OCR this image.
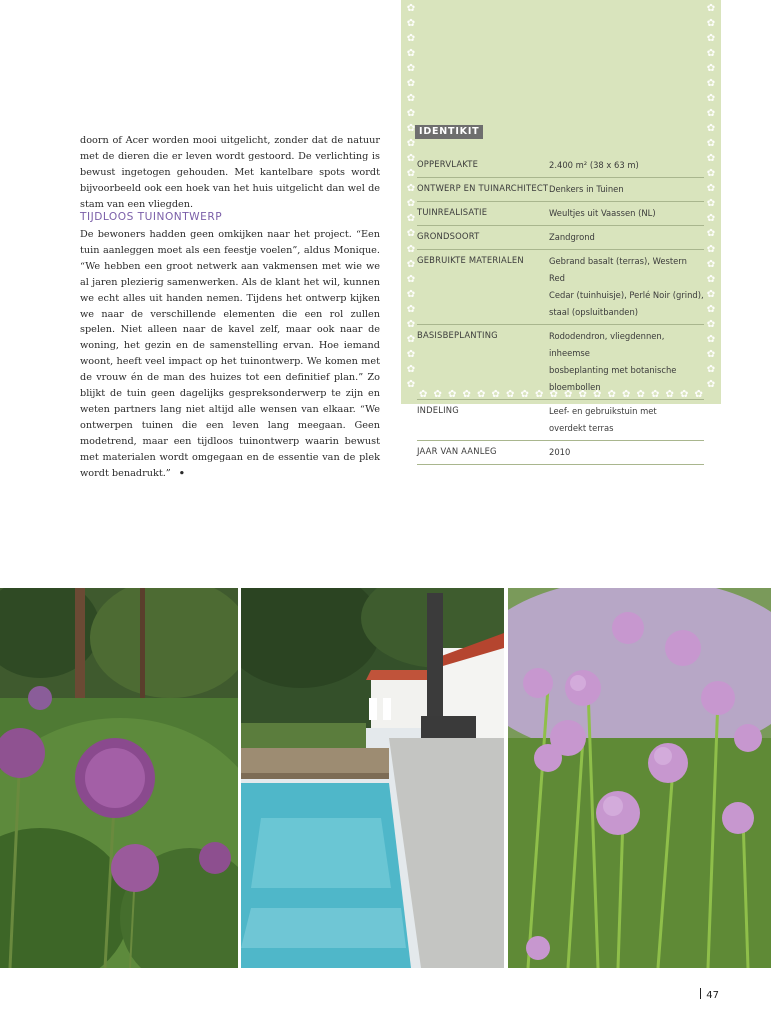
✿
✿
✿
✿
✿
✿
✿
✿
✿
✿
✿
✿
✿
✿
✿
✿
✿
✿
✿
✿
✿
✿
✿
✿
✿
✿
✿
✿
✿
✿
✿
✿
✿
✿
✿
✿
✿
✿
✿
✿
✿
✿
✿
✿
✿
✿
✿
✿
✿
✿
✿
✿
✿ ✿ ✿ ✿ ✿ ✿ ✿ ✿ ✿ ✿ ✿ ✿ ✿ ✿ ✿ ✿ ✿ ✿ ✿ ✿
IDENTIKIT
OPPERVLAKTE	2.400 m² (38 x 63 m)
ONTWERP EN TUINARCHITECT Denkers in Tuinen
TUINREALISATIE	Weultjes uit Vaassen (NL)
GRONDSOORT	Zandgrond
GEBRUIKTE MATERIALEN	Gebrand basalt (terras), Western Red
Cedar (tuinhuisje), Perlé Noir (grind),
staal (opsluitbanden)
BASISBEPLANTING	Rododendron, vliegdennen, inheemse
bosbeplanting met botanische
bloembollen
INDELING	Leef- en gebruikstuin met
overdekt terras
JAAR VAN AANLEG	2010

doorn of Acer worden mooi uitgelicht, zonder dat de natuur met de dieren die er leven wordt gestoord. De verlichting is bewust ingetogen gehouden. Met kantelbare spots wordt bijvoorbeeld ook een hoek van het huis uitgelicht dan wel de stam van een vliegden.

TIJDLOOS TUINONTWERP

De bewoners hadden geen omkijken naar het project. “Een tuin aanleggen moet als een feestje voelen”, aldus Monique. “We hebben een groot netwerk aan vakmensen met wie we al jaren plezierig samenwerken. Als de klant het wil, kunnen we echt alles uit handen nemen. Tijdens het ontwerp kijken we naar de verschillende elementen die een rol zullen spelen. Niet alleen naar de kavel zelf, maar ook naar de woning, het gezin en de samenstelling ervan. Hoe iemand woont, heeft veel impact op het tuinontwerp. We komen met de vrouw én de man des huizes tot een definitief plan.” Zo blijkt de tuin geen dagelijks gespreksonderwerp te zijn en weten partners lang niet altijd alle wensen van elkaar. “We ontwerpen tuinen die een leven lang meegaan. Geen modetrend, maar een tijdloos tuinontwerp waarin bewust met materialen wordt omgegaan en de essentie van de plek wordt benadrukt.” •

47
